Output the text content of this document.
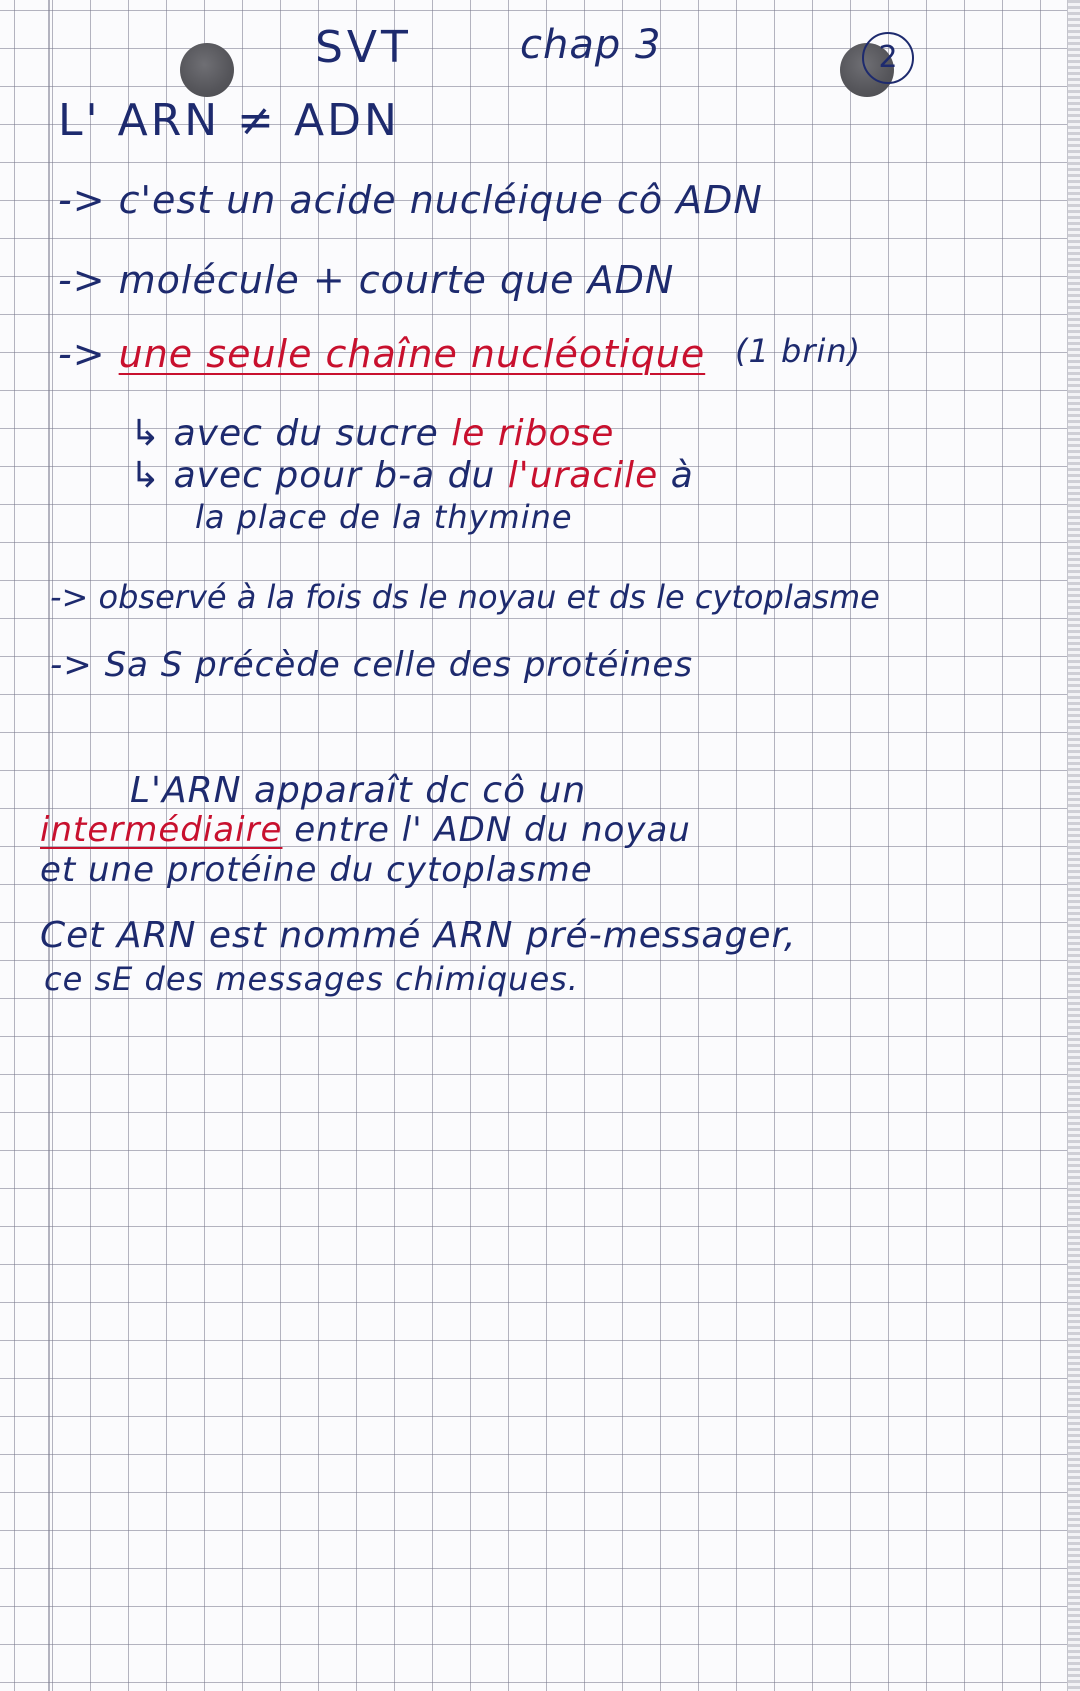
SVT	chap 3	2
L' ARN ≠ ADN
-> c'est un acide nucléique cô ADN
-> molécule + courte que ADN
-> une seule chaîne nucléotique (1 brin)
↳ avec du sucre le ribose
↳ avec pour b-a du l'uracile à
la place de la thymine
-> observé à la fois ds le noyau et ds le cytoplasme
-> Sa S précède celle des protéines
L'ARN apparaît dc cô un
intermédiaire entre l' ADN du noyau
et une protéine du cytoplasme
Cet ARN est nommé ARN pré-messager,
ce sE des messages chimiques.
